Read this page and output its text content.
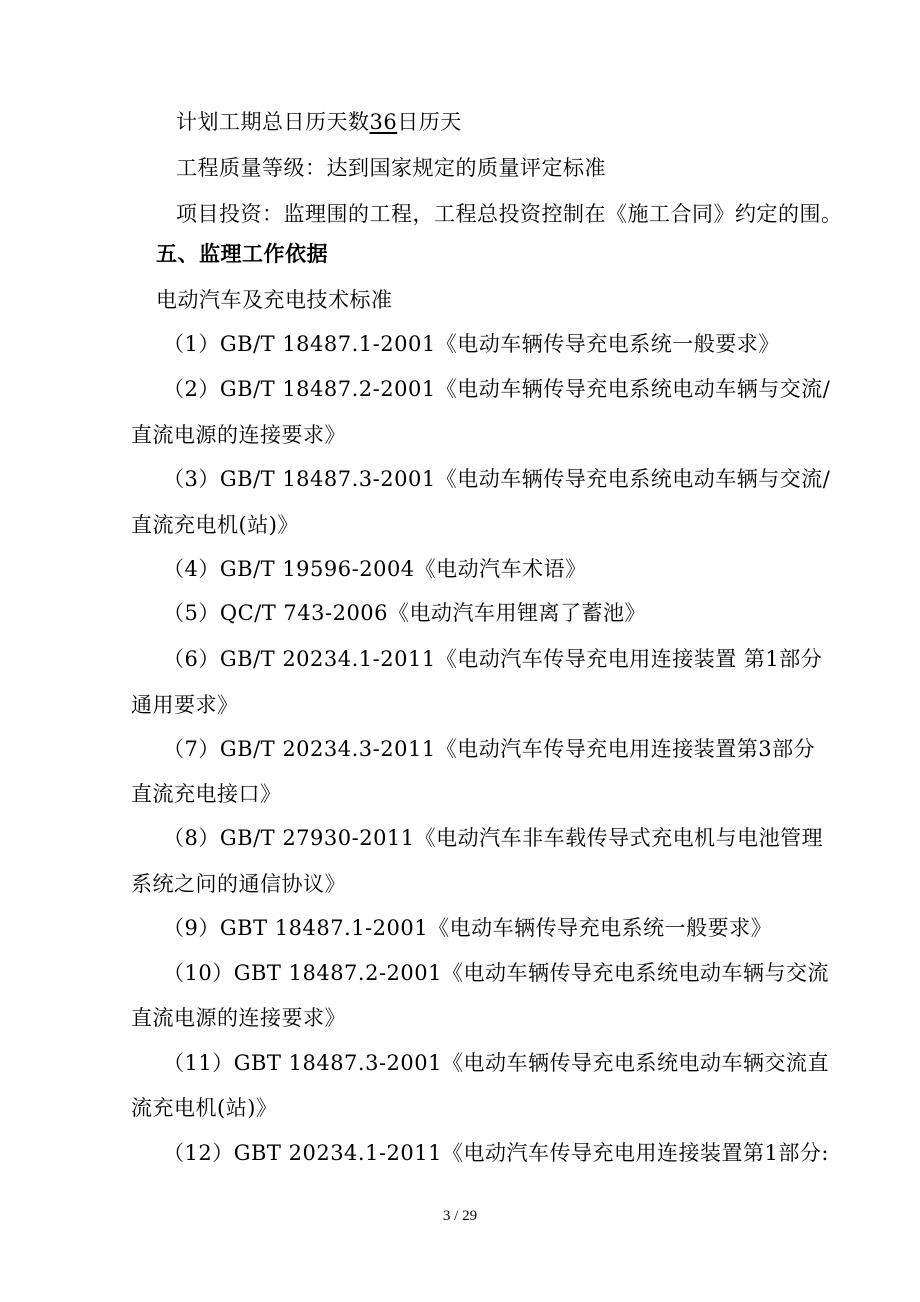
计划工期总日历天数36日历天
工程质量等级：达到国家规定的质量评定标准
项目投资：监理围的工程，工程总投资控制在《施工合同》约定的围。
五、监理工作依据
电动汽车及充电技术标准
（1）GB/T 18487.1-2001《电动车辆传导充电系统一般要求》
（2）GB/T 18487.2-2001《电动车辆传导充电系统电动车辆与交流/
直流电源的连接要求》
（3）GB/T 18487.3-2001《电动车辆传导充电系统电动车辆与交流/
直流充电机(站)》
（4）GB/T 19596-2004《电动汽车术语》
（5）QC/T 743-2006《电动汽车用锂离了蓄池》
（6）GB/T 20234.1-2011《电动汽车传导充电用连接装置 第1部分
通用要求》
（7）GB/T 20234.3-2011《电动汽车传导充电用连接装置第3部分
直流充电接口》
（8）GB/T 27930-2011《电动汽车非车载传导式充电机与电池管理
系统之问的通信协议》
（9）GBT 18487.1-2001《电动车辆传导充电系统一般要求》
（10）GBT 18487.2-2001《电动车辆传导充电系统电动车辆与交流
直流电源的连接要求》
（11）GBT 18487.3-2001《电动车辆传导充电系统电动车辆交流直
流充电机(站)》
（12）GBT 20234.1-2011《电动汽车传导充电用连接装置第1部分:
3 / 29
